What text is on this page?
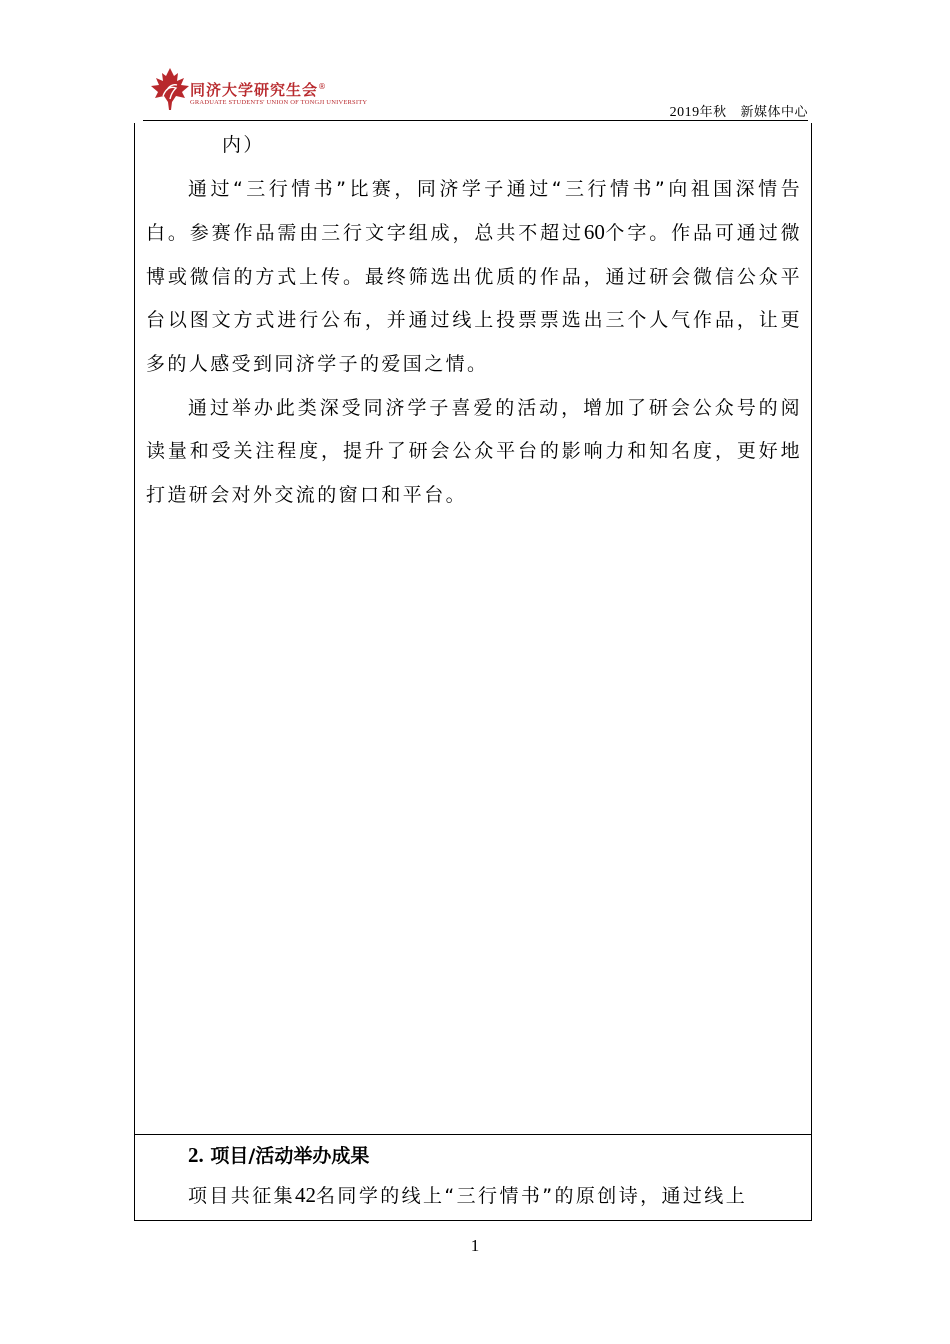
同济大学研究生会®
GRADUATE STUDENTS' UNION OF TONGJI UNIVERSITY
2019年秋 新媒体中心

内）

通过“三行情书”比赛，同济学子通过“三行情书”向祖国深情告白。参赛作品需由三行文字组成，总共不超过60个字。作品可通过微博或微信的方式上传。最终筛选出优质的作品，通过研会微信公众平台以图文方式进行公布，并通过线上投票票选出三个人气作品，让更多的人感受到同济学子的爱国之情。

通过举办此类深受同济学子喜爱的活动，增加了研会公众号的阅读量和受关注程度，提升了研会公众平台的影响力和知名度，更好地打造研会对外交流的窗口和平台。

2. 项目/活动举办成果
项目共征集42名同学的线上“三行情书”的原创诗，通过线上
1
